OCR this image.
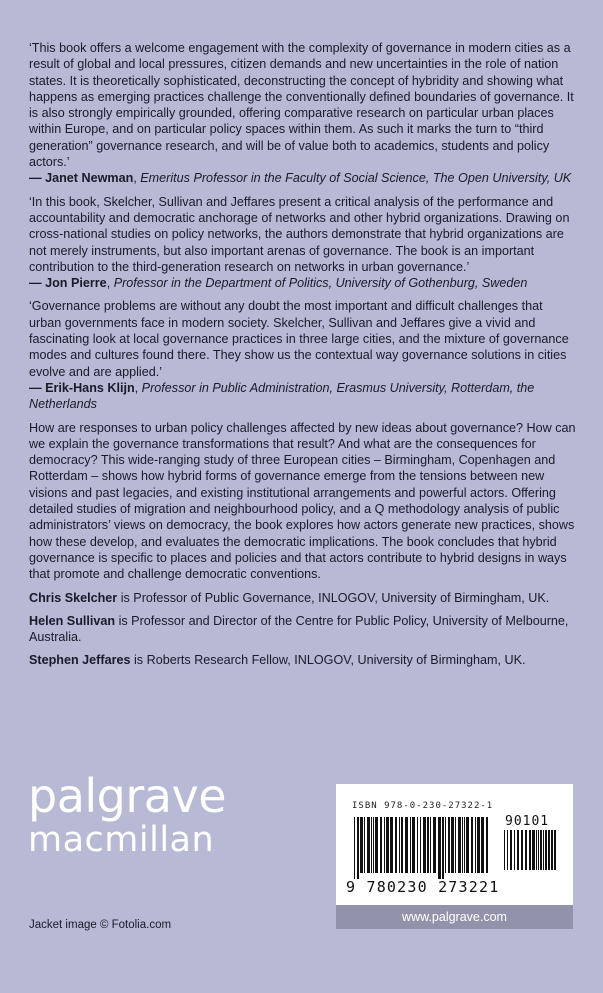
‘This book offers a welcome engagement with the complexity of governance in modern cities as a result of global and local pressures, citizen demands and new uncertainties in the role of nation states. It is theoretically sophisticated, deconstructing the concept of hybridity and showing what happens as emerging practices challenge the conventionally defined boundaries of governance. It is also strongly empirically grounded, offering comparative research on particular urban places within Europe, and on particular policy spaces within them. As such it marks the turn to “third generation” governance research, and will be of value both to academics, students and policy actors.’

— Janet Newman, Emeritus Professor in the Faculty of Social Science, The Open University, UK

‘In this book, Skelcher, Sullivan and Jeffares present a critical analysis of the performance and accountability and democratic anchorage of networks and other hybrid organizations. Drawing on cross-national studies on policy networks, the authors demonstrate that hybrid organizations are not merely instruments, but also important arenas of governance. The book is an important contribution to the third-generation research on networks in urban governance.’

— Jon Pierre, Professor in the Department of Politics, University of Gothenburg, Sweden

‘Governance problems are without any doubt the most important and difficult challenges that urban governments face in modern society. Skelcher, Sullivan and Jeffares give a vivid and fascinating look at local governance practices in three large cities, and the mixture of governance modes and cultures found there. They show us the contextual way governance solutions in cities evolve and are applied.’

— Erik-Hans Klijn, Professor in Public Administration, Erasmus University, Rotterdam, the Netherlands

How are responses to urban policy challenges affected by new ideas about governance? How can we explain the governance transformations that result? And what are the consequences for democracy? This wide-ranging study of three European cities – Birmingham, Copenhagen and Rotterdam – shows how hybrid forms of governance emerge from the tensions between new visions and past legacies, and existing institutional arrangements and powerful actors. Offering detailed studies of migration and neighbourhood policy, and a Q methodology analysis of public administrators’ views on democracy, the book explores how actors generate new practices, shows how these develop, and evaluates the democratic implications. The book concludes that hybrid governance is specific to places and policies and that actors contribute to hybrid designs in ways that promote and challenge democratic conventions.

Chris Skelcher is Professor of Public Governance, INLOGOV, University of Birmingham, UK.

Helen Sullivan is Professor and Director of the Centre for Public Policy, University of Melbourne, Australia.

Stephen Jeffares is Roberts Research Fellow, INLOGOV, University of Birmingham, UK.

palgrave
macmillan
ISBN 978-0-230-27322-1
90101
9 780230 273221
www.palgrave.com
Jacket image © Fotolia.com
